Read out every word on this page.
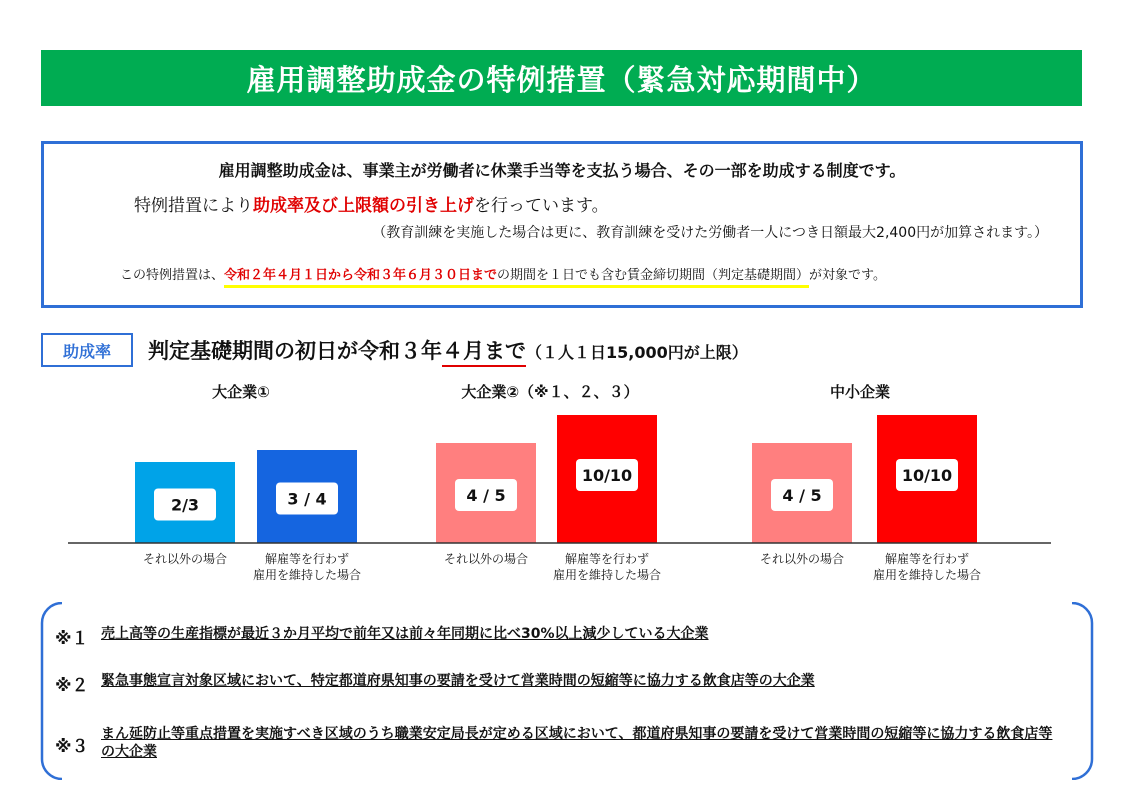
雇用調整助成金の特例措置（緊急対応期間中）
雇用調整助成金は、事業主が労働者に休業手当等を支払う場合、その一部を助成する制度です。
特例措置により助成率及び上限額の引き上げを行っています。
（教育訓練を実施した場合は更に、教育訓練を受けた労働者一人につき日額最大2,400円が加算されます。）
この特例措置は、令和２年４月１日から令和３年６月３０日までの期間を１日でも含む賃金締切期間（判定基礎期間）が対象です。
助成率	判定基礎期間の初日が令和３年４月まで（１人１日15,000円が上限）
大企業①	大企業②（※１、２、３）	中小企業
2/3	3 / 4	4 / 5
10/10
4 / 5
10/10
それ以外の場合	解雇等を行わず
雇用を維持した場合
それ以外の場合	解雇等を行わず
雇用を維持した場合
それ以外の場合	解雇等を行わず
雇用を維持した場合
※１ 売上高等の生産指標が最近３か月平均で前年又は前々年同期に比べ30%以上減少している大企業
※２ 緊急事態宣言対象区域において、特定都道府県知事の要請を受けて営業時間の短縮等に協力する飲食店等の大企業
※３
まん延防止等重点措置を実施すべき区域のうち職業安定局長が定める区域において、都道府県知事の要請を受けて営業時間の短縮等に協力する飲食店等の大企業
